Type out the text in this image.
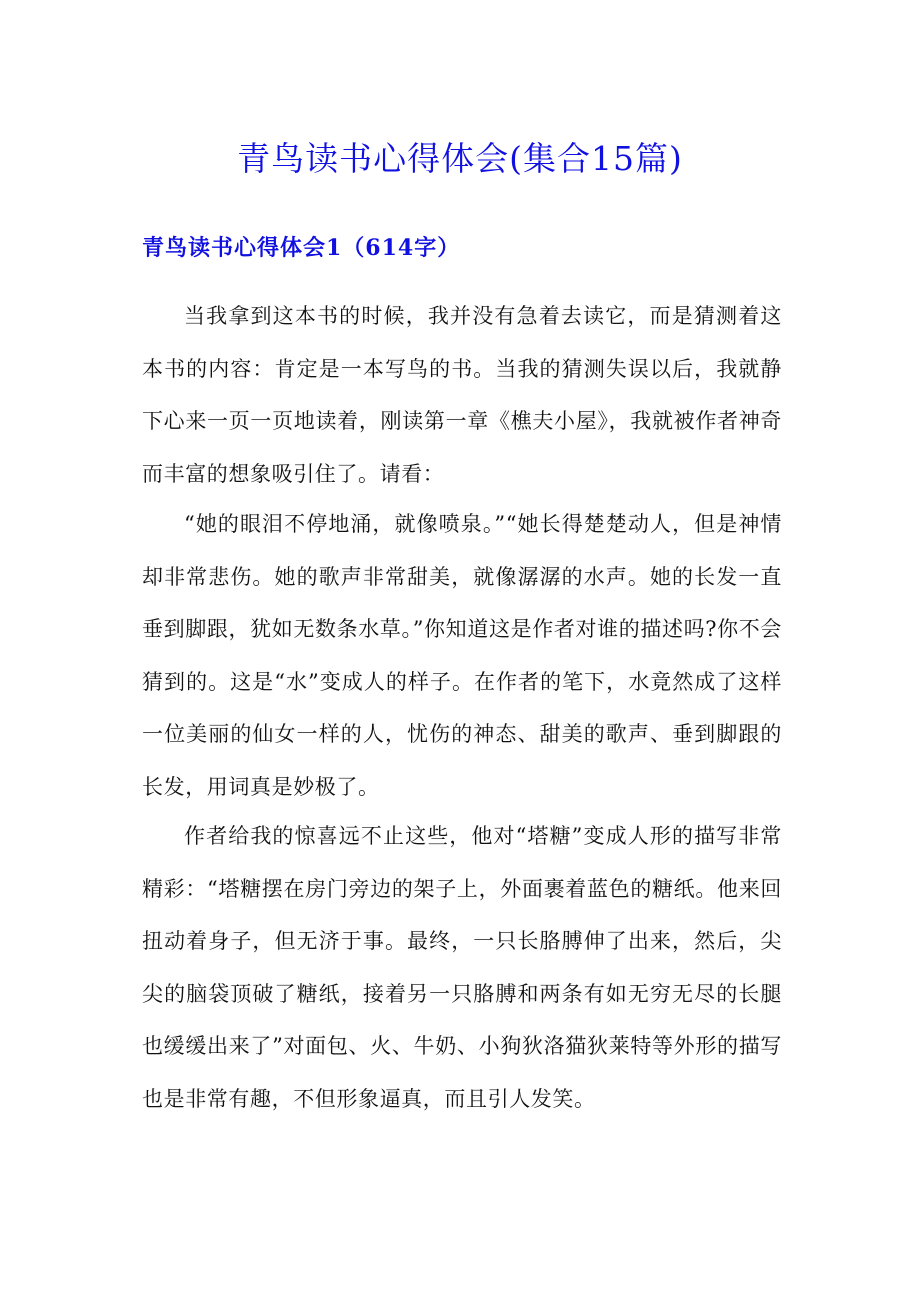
青鸟读书心得体会(集合15篇)
青鸟读书心得体会1（614字）

当我拿到这本书的时候，我并没有急着去读它，而是猜测着这本书的内容：肯定是一本写鸟的书。当我的猜测失误以后，我就静下心来一页一页地读着，刚读第一章《樵夫小屋》，我就被作者神奇而丰富的想象吸引住了。请看：

“她的眼泪不停地涌，就像喷泉。”“她长得楚楚动人，但是神情却非常悲伤。她的歌声非常甜美，就像潺潺的水声。她的长发一直垂到脚跟，犹如无数条水草。”你知道这是作者对谁的描述吗?你不会猜到的。这是“水”变成人的样子。在作者的笔下，水竟然成了这样一位美丽的仙女一样的人，忧伤的神态、甜美的歌声、垂到脚跟的长发，用词真是妙极了。

作者给我的惊喜远不止这些，他对“塔糖”变成人形的描写非常精彩：“塔糖摆在房门旁边的架子上，外面裹着蓝色的糖纸。他来回扭动着身子，但无济于事。最终，一只长胳膊伸了出来，然后，尖尖的脑袋顶破了糖纸，接着另一只胳膊和两条有如无穷无尽的长腿也缓缓出来了”对面包、火、牛奶、小狗狄洛猫狄莱特等外形的描写也是非常有趣，不但形象逼真，而且引人发笑。
